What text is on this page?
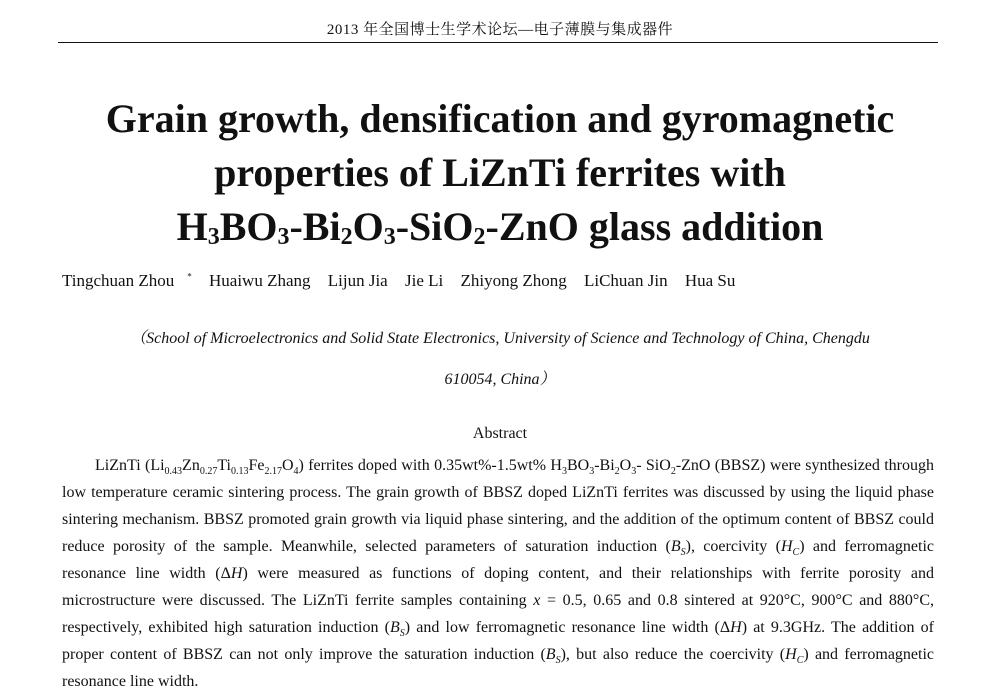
2013 年全国博士生学术论坛—电子薄膜与集成器件
Grain growth, densification and gyromagnetic
properties of LiZnTi ferrites with
$H_3BO_3-Bi_2O_3-SiO_2$-ZnO glass addition
Tingchuan Zhou * Huaiwu Zhang Lijun Jia Jie Li Zhiyong Zhong LiChuan Jin Hua Su
（School of Microelectronics and Solid State Electronics, University of Science and Technology of China, Chengdu
610054, China）
Abstract

LiZnTi $(Li_{0.43}Zn_{0.27}Ti_{0.13}Fe_{2.17}O_4)$ ferrites doped with 0.35wt%-1.5wt% $H_3BO_3-Bi_2O_3-$ SiO$_2$-ZnO (BBSZ) were synthesized through low temperature ceramic sintering process. The grain growth of BBSZ doped LiZnTi ferrites was discussed by using the liquid phase sintering mechanism. BBSZ promoted grain growth via liquid phase sintering, and the addition of the optimum content of BBSZ could reduce porosity of the sample. Meanwhile, selected parameters of saturation induction $(B_S)$, coercivity $(H_C)$ and ferromagnetic resonance line width (ΔH) were measured as functions of doping content, and their relationships with ferrite porosity and microstructure were discussed. The LiZnTi ferrite samples containing x = 0.5, 0.65 and 0.8 sintered at 920°C, 900°C and 880°C, respectively, exhibited high saturation induction $(B_S)$ and low ferromagnetic resonance line width (ΔH) at 9.3GHz. The addition of proper content of BBSZ can not only improve the saturation induction $(B_S)$, but also reduce the coercivity $(H_C)$ and ferromagnetic resonance line width.
